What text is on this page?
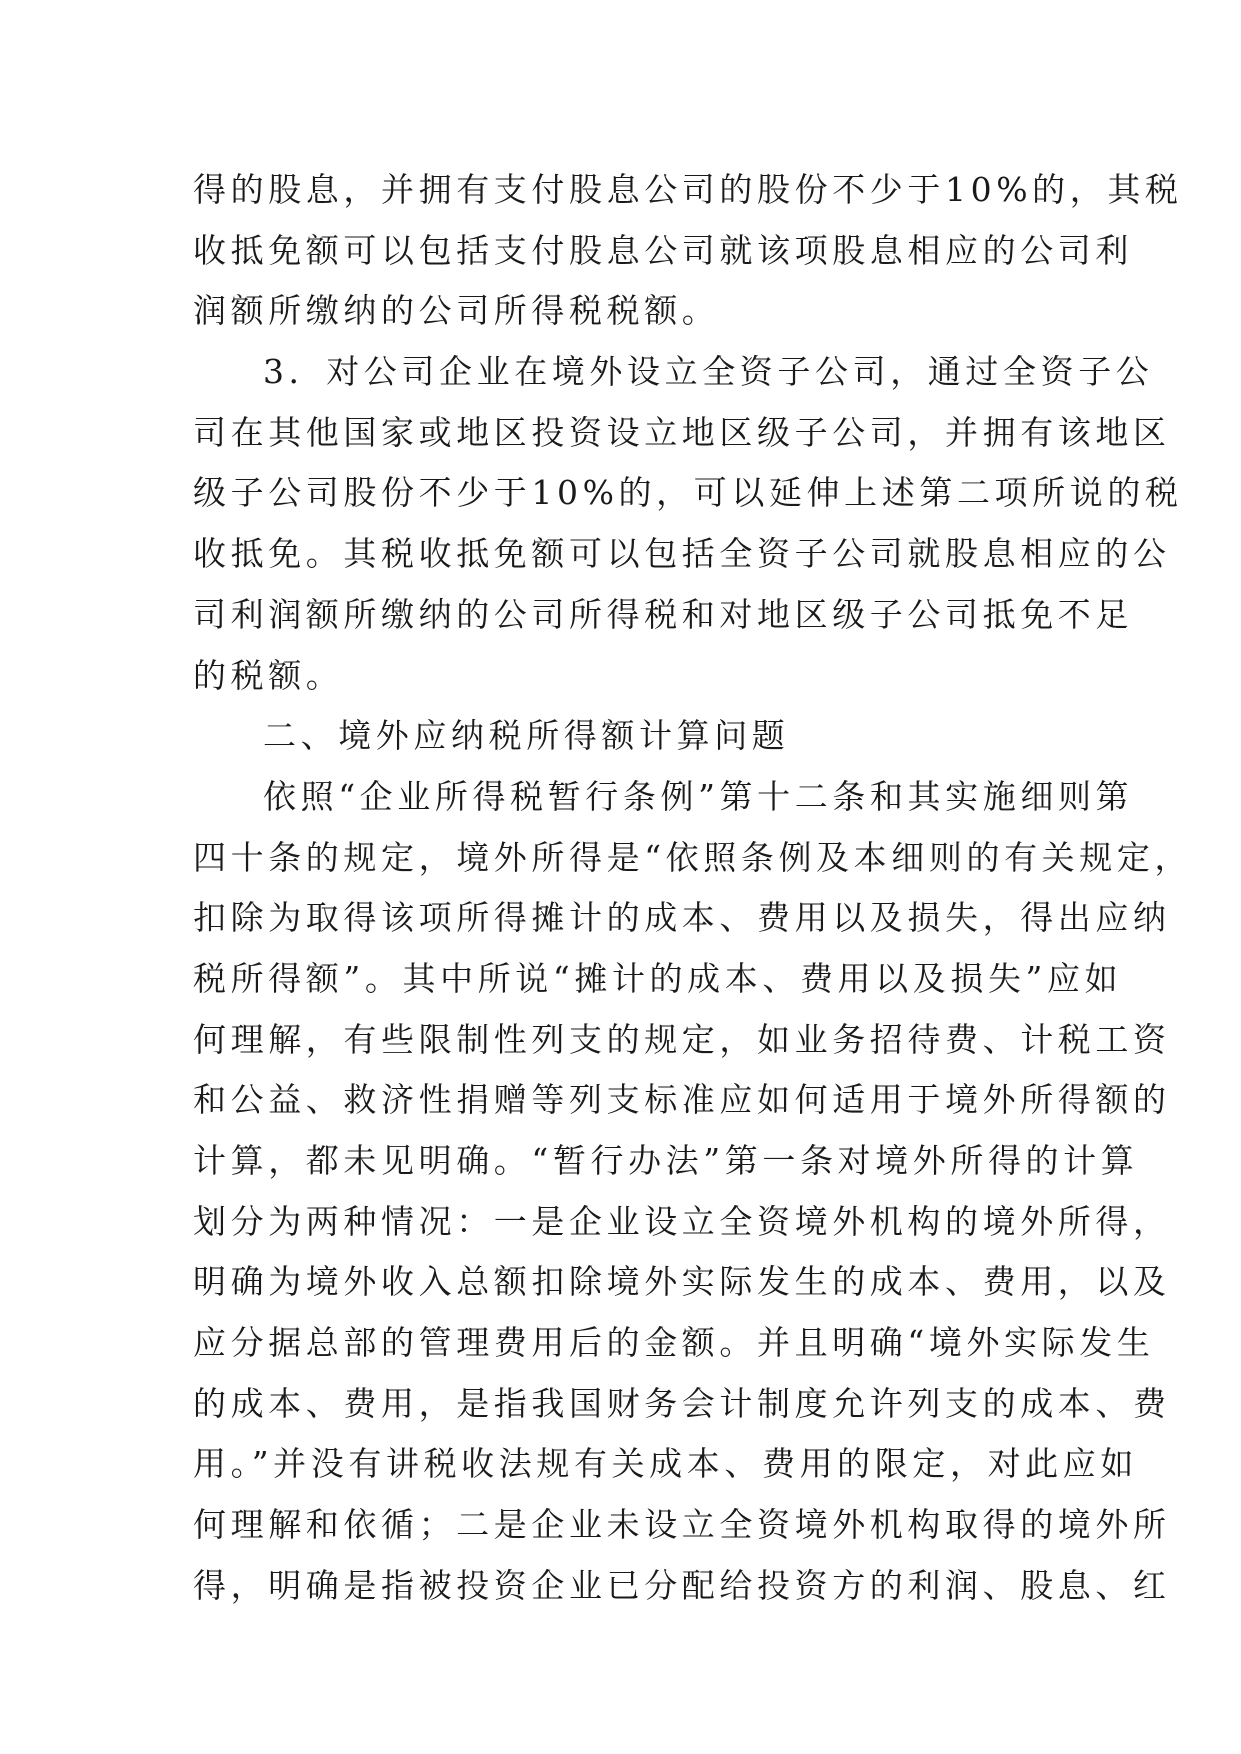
得的股息，并拥有支付股息公司的股份不少于10%的，其税
收抵免额可以包括支付股息公司就该项股息相应的公司利
润额所缴纳的公司所得税税额。
3．对公司企业在境外设立全资子公司，通过全资子公
司在其他国家或地区投资设立地区级子公司，并拥有该地区
级子公司股份不少于10%的，可以延伸上述第二项所说的税
收抵免。其税收抵免额可以包括全资子公司就股息相应的公
司利润额所缴纳的公司所得税和对地区级子公司抵免不足
的税额。
二、境外应纳税所得额计算问题
依照“企业所得税暂行条例”第十二条和其实施细则第
四十条的规定，境外所得是“依照条例及本细则的有关规定，
扣除为取得该项所得摊计的成本、费用以及损失，得出应纳
税所得额”。其中所说“摊计的成本、费用以及损失”应如
何理解，有些限制性列支的规定，如业务招待费、计税工资
和公益、救济性捐赠等列支标准应如何适用于境外所得额的
计算，都未见明确。“暂行办法”第一条对境外所得的计算
划分为两种情况：一是企业设立全资境外机构的境外所得，
明确为境外收入总额扣除境外实际发生的成本、费用，以及
应分据总部的管理费用后的金额。并且明确“境外实际发生
的成本、费用，是指我国财务会计制度允许列支的成本、费
用。”并没有讲税收法规有关成本、费用的限定，对此应如
何理解和依循；二是企业未设立全资境外机构取得的境外所
得，明确是指被投资企业已分配给投资方的利润、股息、红
